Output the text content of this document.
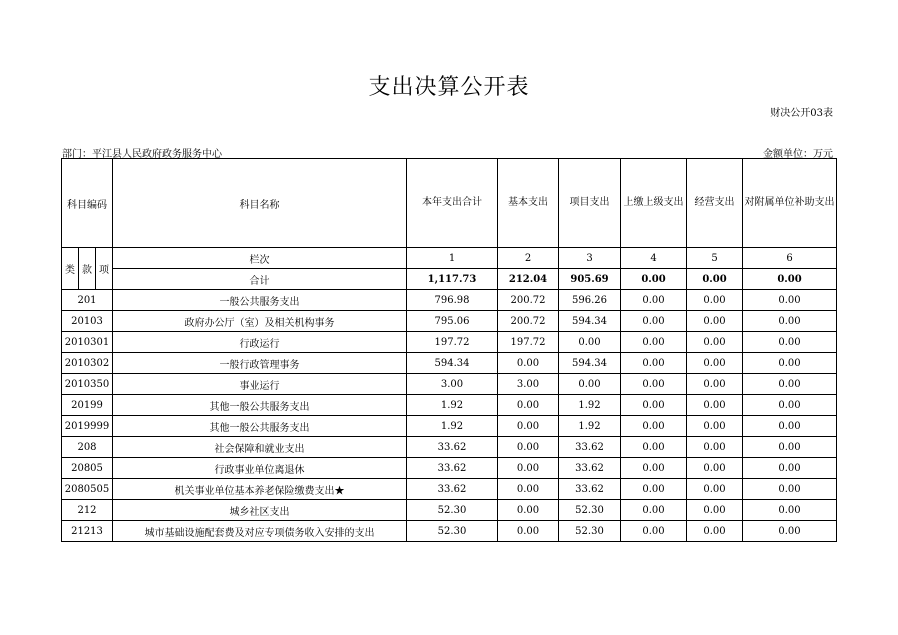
支出决算公开表
财决公开03表
部门：平江县人民政府政务服务中心	金额单位：万元
科目编码			科目名称	本年支出合计	基本支出	项目支出	上缴上级支出	经营支出	对附属单位补助支出
类	款	项	栏次	1	2	3	4	5	6
			合计	1,117.73	212.04	905.69	0.00	0.00	0.00
201			一般公共服务支出	796.98	200.72	596.26	0.00	0.00	0.00
20103			政府办公厅（室）及相关机构事务	795.06	200.72	594.34	0.00	0.00	0.00
2010301			行政运行	197.72	197.72	0.00	0.00	0.00	0.00
2010302			一般行政管理事务	594.34	0.00	594.34	0.00	0.00	0.00
2010350			事业运行	3.00	3.00	0.00	0.00	0.00	0.00
20199			其他一般公共服务支出	1.92	0.00	1.92	0.00	0.00	0.00
2019999			其他一般公共服务支出	1.92	0.00	1.92	0.00	0.00	0.00
208			社会保障和就业支出	33.62	0.00	33.62	0.00	0.00	0.00
20805			行政事业单位离退休	33.62	0.00	33.62	0.00	0.00	0.00
2080505			机关事业单位基本养老保险缴费支出★	33.62	0.00	33.62	0.00	0.00	0.00
212			城乡社区支出	52.30	0.00	52.30	0.00	0.00	0.00
21213			城市基础设施配套费及对应专项债务收入安排的支出	52.30	0.00	52.30	0.00	0.00	0.00
